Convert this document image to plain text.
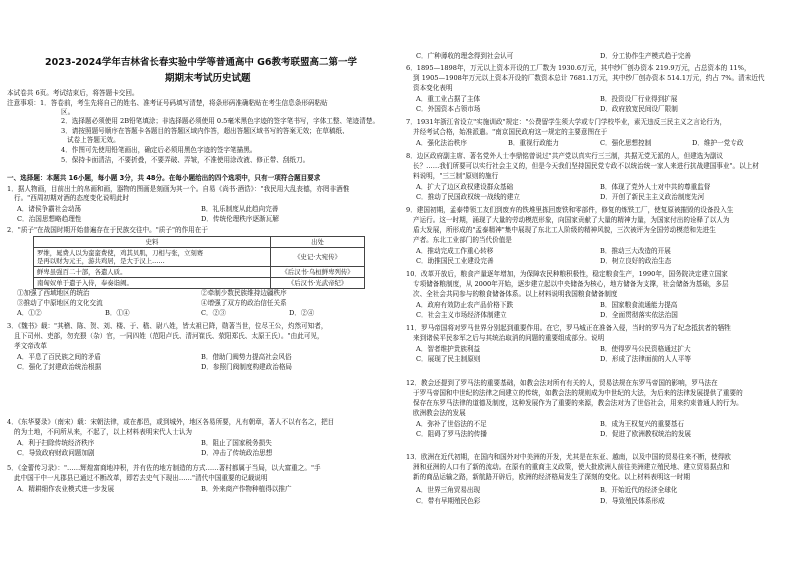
2023-2024学年吉林省长春实验中学等普通高中 G6教考联盟高二第一学
期期末考试历史试题
本试卷共 6页。考试结束后，将答题卡交回。
注意事项：1．答卷前，考生先将自己的姓名、准考证号码填写清楚，将条形码准确粘贴在考生信息条形码粘贴
区。
2．选择题必须使用 2B铅笔填涂；非选择题必须使用 0.5毫米黑色字迹的签字笔书写，字体工整、笔迹清楚。
3．请按照题号顺序在答题卡各题目的答题区域内作答，超出答题区域书写的答案无效；在草稿纸、
试卷上答题无效。
4．作图可先使用铅笔画出，确定后必须用黑色字迹的签字笔描黑。
5．保持卡面清洁，不要折叠，不要弄破、弄皱，不准使用涂改液、修正带、刮纸刀。
一、选择题：本题共 16小题，每小题 3分，共 48分。在每小题给出的四个选项中，只有一项符合题目要求
1．据人物画，目前出土的帛画和画，器物的图画是刻画为其一个。自易《尚书·酒诰》："我民用大乱丧德，亦罔非酒惟
行。"西周初期对酒的态度变化说明此时
A．诸侯争霸社会动荡	B．礼乐制度从此趋向完善
C．治国思想略趋理性	D．传统伦理秩序逐渐瓦解
2．"质子"在战国时期开始普遍存在于民族交往中。"质子"的作用在于
史料	出处
罗维，晁费人以为蛮蛮费使，鸡其贝肌，刀相与张，立刻赛
是再以财为元王，游共鸡居，是大于汉上……	《史记·大宛传》
鲜卑虽强百二十部，各遣人质。	《后汉书·乌桓鲜卑列传》
南匈奴单于遣子入侍，奉奏诣阙。	《后汉书·光武帝纪》
①加强了西域地区的统治	②牵制少数民族维持边疆秩序
③推动了中原地区的文化交流	④增强了双方的政治信任关系
A．①②	B．①④	C．②③	D．②④
3．《魏书》载："其稽、陈、贺、刘、楼、于、嵇、尉八姓，皆太祖已降，勋著当世，位尽王公，灼然可知者，
且下司州、吏部，勿充猥（杂）官，一同四姓（范阳卢氏、清河崔氏、荥阳郑氏、太原王氏）。"由此可见，
孝文帝改革
A．平息了百民族之间的矛盾	B．借助门阀势力提高社会风俗
C．强化了封建政治统治根据	D．参照门阀制度构建政治格局
4．《东华要录》（南宋）载：宋朝法律，或在都邑，或到城外，地区各易所要，凡有朝章，著人不以有名之，把目
的为土地，不问所从来，不起了，以上材料表明宋代人士认为
A．利于扫除传统经济秩序	B．阻止了国家税务损失
C．导致政府财政问题加剧	D．冲击了传统政治思想
5．《金蕾传习录》："……辉煌富商地冲积，并有佐的地方制造的方式……著村都属于当局，以大富重之。"手
此中国干中一凡郡县已通过不断改革，即若去史气下现出……"清代中国重要的记载说明
A．精耕细作农业模式进一步发展	B．外来商产作物种植得以推广
C．广种薄收的理念得到社会认可	D．分工协作生产模式趋于完善
6．1895—1898年，万元以上资本开设的工厂数为 1930.6万元，其中纱厂创办资本 219.9万元，占总资本的 11%，
到 1905—1908年万元以上资本开设的厂数资本总计 7681.1万元，其中纱厂创办资本 514.1万元，约占 7%。清末近代
资本变化表明
A．重工业占据了主体	B．投资设厂行业得到扩展
C．外国资本占领市场	D．政府放宽民间设厂限制
7．1931年浙江省设立"实施训政"规定："公费留学生须大学或专门学校毕业，素无违反三民主义之言论行为，
并经考试合格，始准派遣。"南京国民政府这一规定的主要意图在于
A．强化法治秩序	B．重视行政能力	C．强化思想控制	D．维护一党专政
8．边区政府副主席、著名党外人士李鼎铭曾说过"共产党以真实行三三制，共据无党无派的人，但建选为副议
长？……我们所要可以实行社会主义的，但是今天我们坚持国民党专政不以统治统一家人来进行抗战建国事业"。以上材
料说明，"三三制"原则的施行
A．扩大了边区政权建设群众基础	B．体现了党外人士对中共的尊重监督
C．推动了民国政权统一战线的建立	D．开创了新民主主义政治制度先河
9．建国初期，孟泰带领工友们到废弃的铁堆里拣回废铁和零部件，修复的炼铁工厂，使复原被摧毁的设备投入生
产运行。这一时期，涌现了大量的劳动模范形象，向国家贡献了大量的精神力量，为国家付出的诠释了以人为
盾大发展，所形成的"孟泰精神"集中展现了东北工人阶级的精神风貌，三次被评为全国劳动模范和先进生
产者。东北工业部门的当代价值是
A．推动完成工作重心转移	B．推动三大改造的开展
C．助推国民工业建设完善	D．树立良好的政治生态
10．改革开放后，粮食产量逐年增加，为保障农民种粮积极性，稳定粮食生产，1990年，国务院决定建立国家
专项储备粮制度，从 2000年开始，逐步建立起以中央储备为核心，地方储备为支撑，社会储备为基础，多层
次、全社会共同参与的粮食储备体系。以上材料说明我国粮食储备制度
A．政府有效防止农产品价格下跌	B．国家粮食流通能力提高
C．社会主义市场经济体制建立	D．全面贯彻落实依法治国
11．罗马帝国将对罗马世界分别起到重要作用。在它，罗马城正在准备入侵，当时的罗马为了纪念抵抗者的牺牲
来到诸侯平民参军之后与其统治取消的问题的重要组成部分。说明
A．智者维护贵族利益	B．使得罗马公民资格通过扩大
C．展现了民主制原则	D．形成了法律面前的人人平等
12．教会还提到了罗马法的重要基础，如教会法对所有有关的人，贸易法规在东罗马帝国的影响，罗马法在
于罗马帝国和中世纪的法律之间建立的传统，如教会法的规则成为中世纪的大法，为后来的法律发展提供了重要的
保存在东罗马法律的道德及制度，这种发展作为了重要的来源，教会法对为了世俗社会，用来约束普通人的行为。
欧洲教会法的发展
A．弥补了世俗法的不足	B．成为王权复兴的重要基石
C．阻碍了罗马法的传播	D．促进了欧洲教权统治的发展
13．欧洲在近代初期，在国内和国外对中美洲的开发，尤其是在东亚、越南，以及中国的贸易往来不断，使得欧
洲和亚洲的人口有了新的流动。在原有的重商主义政策，使大批欧洲人前往美洲建立殖民地、建立贸易据点和
新的商品运输之路，新航路开辟后，欧洲的经济格局发生了深刻的变化。以上材料表明这一时期
A．世界三角贸易出现	B．开始近代的经济全球化
C．带有早期殖民色彩	D．导致殖民体系形成
